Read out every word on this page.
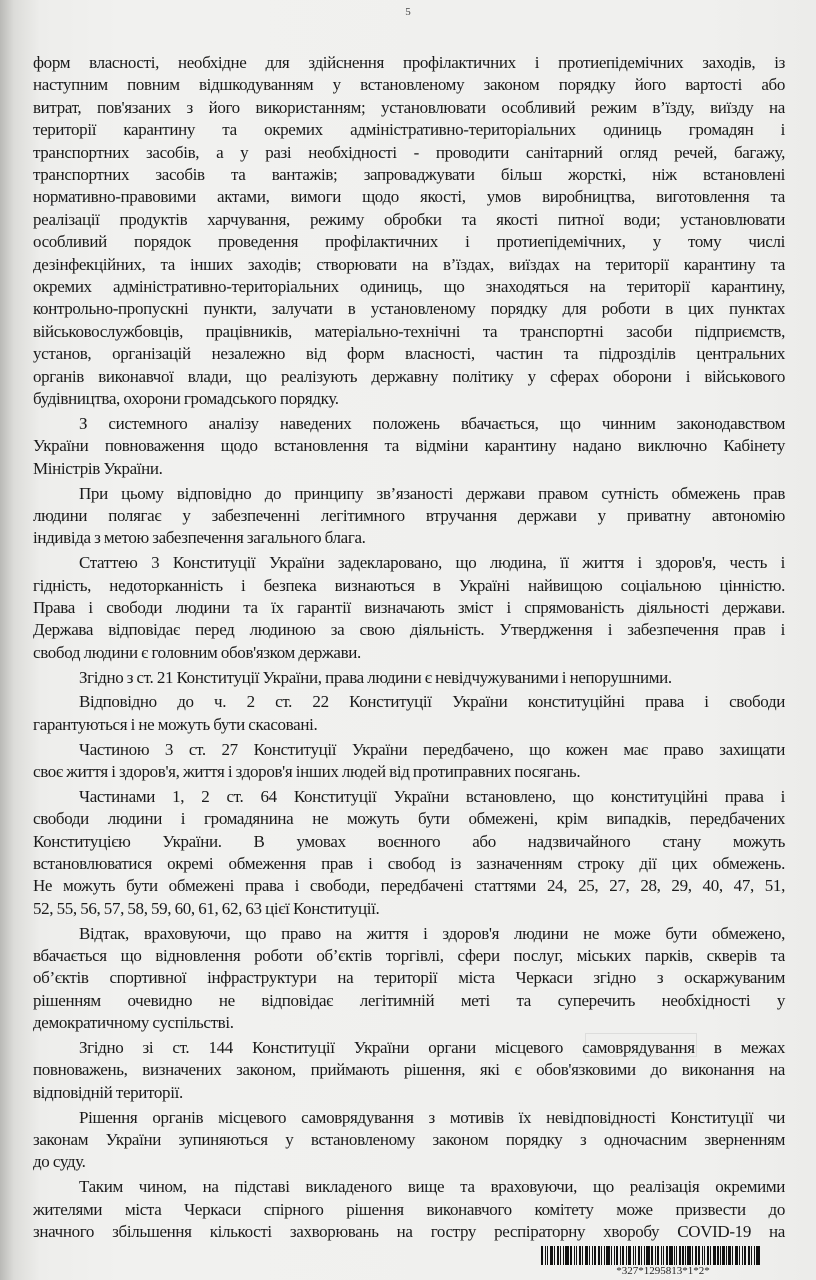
5
форм власності, необхідне для здійснення профілактичних і протиепідемічних заходів, із
наступним повним відшкодуванням у встановленому законом порядку його вартості або
витрат, пов'язаних з його використанням; установлювати особливий режим в’їзду, виїзду на
території карантину та окремих адміністративно-територіальних одиниць громадян і
транспортних засобів, а у разі необхідності - проводити санітарний огляд речей, багажу,
транспортних засобів та вантажів; запроваджувати більш жорсткі, ніж встановлені
нормативно-правовими актами, вимоги щодо якості, умов виробництва, виготовлення та
реалізації продуктів харчування, режиму обробки та якості питної води; установлювати
особливий порядок проведення профілактичних і протиепідемічних, у тому числі
дезінфекційних, та інших заходів; створювати на в’їздах, виїздах на території карантину та
окремих адміністративно-територіальних одиниць, що знаходяться на території карантину,
контрольно-пропускні пункти, залучати в установленому порядку для роботи в цих пунктах
військовослужбовців, працівників, матеріально-технічні та транспортні засоби підприємств,
установ, організацій незалежно від форм власності, частин та підрозділів центральних
органів виконавчої влади, що реалізують державну політику у сферах оборони і військового
будівництва, охорони громадського порядку.
З системного аналізу наведених положень вбачається, що чинним законодавством
України повноваження щодо встановлення та відміни карантину надано виключно Кабінету
Міністрів України.
При цьому відповідно до принципу зв’язаності держави правом сутність обмежень прав
людини полягає у забезпеченні легітимного втручання держави у приватну автономію
індивіда з метою забезпечення загального блага.
Статтею 3 Конституції України задекларовано, що людина, її життя і здоров'я, честь і
гідність, недоторканність і безпека визнаються в Україні найвищою соціальною цінністю.
Права і свободи людини та їх гарантії визначають зміст і спрямованість діяльності держави.
Держава відповідає перед людиною за свою діяльність. Утвердження і забезпечення прав і
свобод людини є головним обов'язком держави.
Згідно з ст. 21 Конституції України, права людини є невідчужуваними і непорушними.
Відповідно до ч. 2 ст. 22 Конституції України конституційні права і свободи
гарантуються і не можуть бути скасовані.
Частиною 3 ст. 27 Конституції України передбачено, що кожен має право захищати
своє життя і здоров'я, життя і здоров'я інших людей від протиправних посягань.
Частинами 1, 2 ст. 64 Конституції України встановлено, що конституційні права і
свободи людини і громадянина не можуть бути обмежені, крім випадків, передбачених
Конституцією України. В умовах воєнного або надзвичайного стану можуть
встановлюватися окремі обмеження прав і свобод із зазначенням строку дії цих обмежень.
Не можуть бути обмежені права і свободи, передбачені статтями 24, 25, 27, 28, 29, 40, 47, 51,
52, 55, 56, 57, 58, 59, 60, 61, 62, 63 цієї Конституції.
Відтак, враховуючи, що право на життя і здоров'я людини не може бути обмежено,
вбачається що відновлення роботи об’єктів торгівлі, сфери послуг, міських парків, скверів та
об’єктів спортивної інфраструктури на території міста Черкаси згідно з оскаржуваним
рішенням очевидно не відповідає легітимній меті та суперечить необхідності у
демократичному суспільстві.
Згідно зі ст. 144 Конституції України органи місцевого самоврядування в межах
повноважень, визначених законом, приймають рішення, які є обов'язковими до виконання на
відповідній території.
Рішення органів місцевого самоврядування з мотивів їх невідповідності Конституції чи
законам України зупиняються у встановленому законом порядку з одночасним зверненням
до суду.
Таким чином, на підставі викладеного вище та враховуючи, що реалізація окремими
жителями міста Черкаси спірного рішення виконавчого комітету може призвести до
значного збільшення кількості захворювань на гостру респіраторну хворобу COVID-19 на
*327*1295813*1*2*
